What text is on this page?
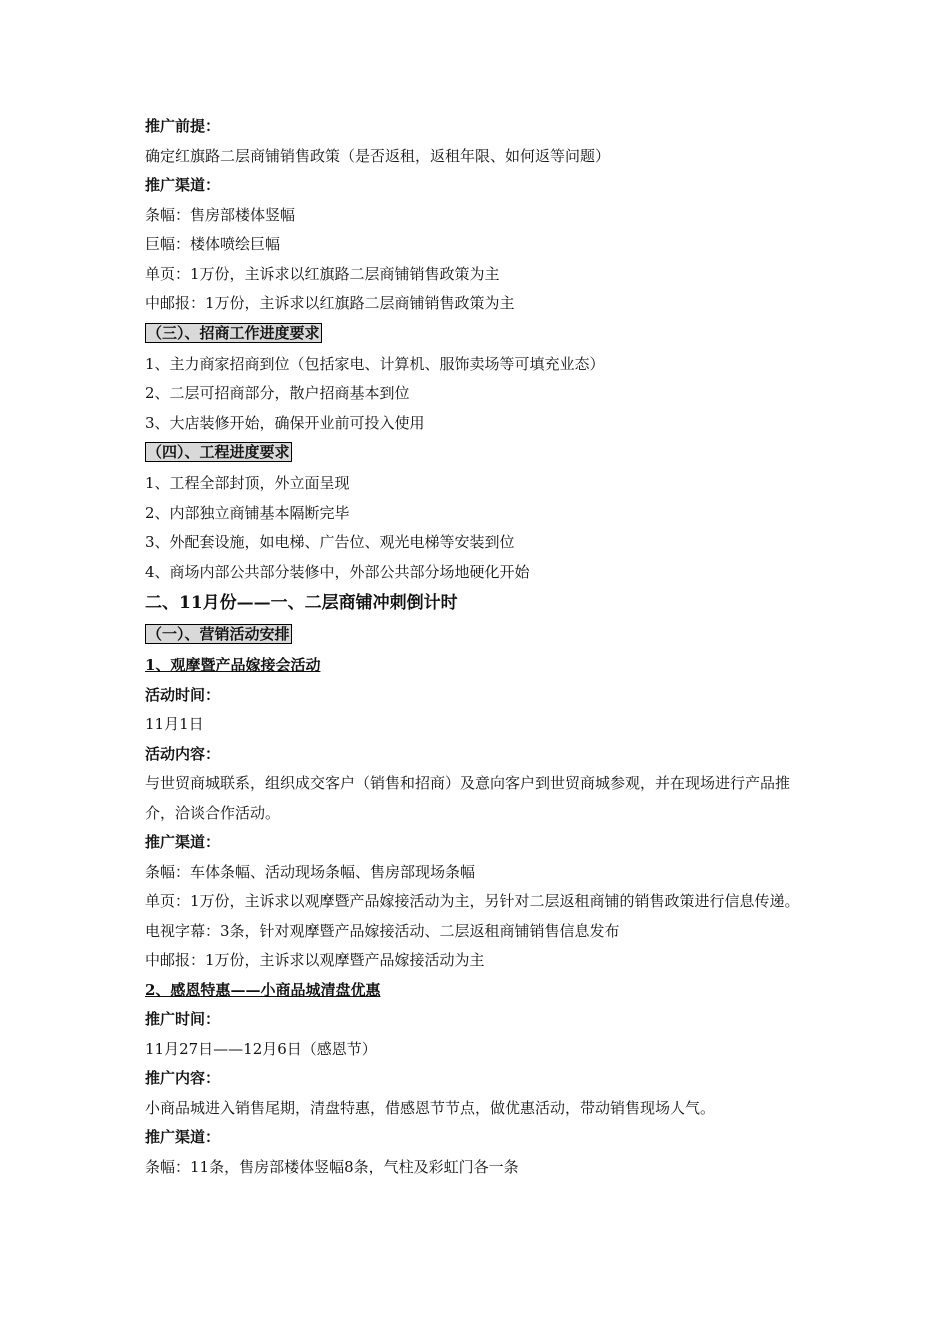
推广前提：
确定红旗路二层商铺销售政策（是否返租，返租年限、如何返等问题）
推广渠道：
条幅：售房部楼体竖幅
巨幅：楼体喷绘巨幅
单页：1万份，主诉求以红旗路二层商铺销售政策为主
中邮报：1万份，主诉求以红旗路二层商铺销售政策为主
（三）、招商工作进度要求
1、主力商家招商到位（包括家电、计算机、服饰卖场等可填充业态）
2、二层可招商部分，散户招商基本到位
3、大店装修开始，确保开业前可投入使用
（四）、工程进度要求
1、工程全部封顶，外立面呈现
2、内部独立商铺基本隔断完毕
3、外配套设施，如电梯、广告位、观光电梯等安装到位
4、商场内部公共部分装修中，外部公共部分场地硬化开始
二、11月份——一、二层商铺冲刺倒计时
（一）、营销活动安排
1、观摩暨产品嫁接会活动
活动时间：
11月1日
活动内容：
与世贸商城联系，组织成交客户（销售和招商）及意向客户到世贸商城参观，并在现场进行产品推介，洽谈合作活动。
推广渠道：
条幅：车体条幅、活动现场条幅、售房部现场条幅
单页：1万份，主诉求以观摩暨产品嫁接活动为主，另针对二层返租商铺的销售政策进行信息传递。
电视字幕：3条，针对观摩暨产品嫁接活动、二层返租商铺销售信息发布
中邮报：1万份，主诉求以观摩暨产品嫁接活动为主
2、感恩特惠——小商品城清盘优惠
推广时间：
11月27日——12月6日（感恩节）
推广内容：
小商品城进入销售尾期，清盘特惠，借感恩节节点，做优惠活动，带动销售现场人气。
推广渠道：
条幅：11条，售房部楼体竖幅8条，气柱及彩虹门各一条
